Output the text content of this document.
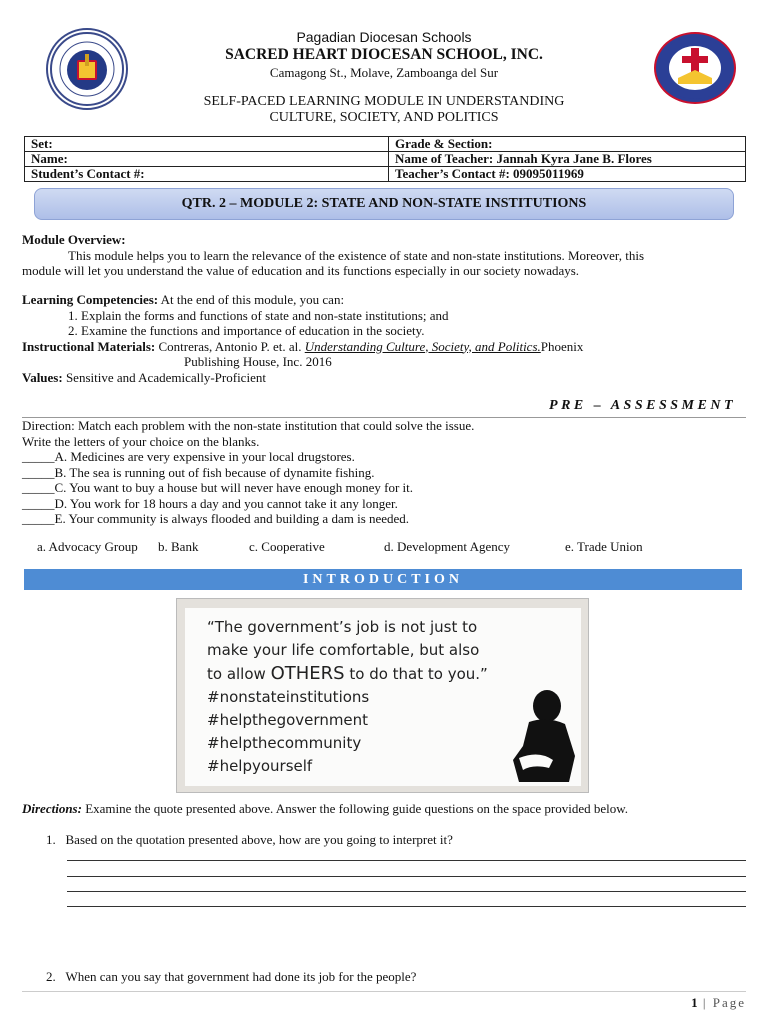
Pagadian Diocesan Schools
SACRED HEART DIOCESAN SCHOOL, INC.
Camagong St., Molave, Zamboanga del Sur
SELF-PACED LEARNING MODULE IN UNDERSTANDING
CULTURE, SOCIETY, AND POLITICS
Set:	Grade & Section:
Name:	Name of Teacher: Jannah Kyra Jane B. Flores
Student’s Contact #:	Teacher’s Contact #: 09095011969
QTR. 2 – MODULE 2: STATE AND NON-STATE INSTITUTIONS
Module Overview:
This module helps you to learn the relevance of the existence of state and non-state institutions. Moreover, this
module will let you understand the value of education and its functions especially in our society nowadays.
Learning Competencies: At the end of this module, you can:
1. Explain the forms and functions of state and non-state institutions; and
2. Examine the functions and importance of education in the society.
Instructional Materials: Contreras, Antonio P. et. al. Understanding Culture, Society, and Politics.Phoenix
Publishing House, Inc. 2016
Values: Sensitive and Academically-Proficient
PRE – ASSESSMENT
Direction: Match each problem with the non-state institution that could solve the issue.
Write the letters of your choice on the blanks.
_____A. Medicines are very expensive in your local drugstores.
_____B. The sea is running out of fish because of dynamite fishing.
_____C. You want to buy a house but will never have enough money for it.
_____D. You work for 18 hours a day and you cannot take it any longer.
_____E. Your community is always flooded and building a dam is needed.
a. Advocacy Group b. Bank	c. Cooperative	d. Development Agency	e. Trade Union
INTRODUCTION
“The government’s job is not just to
make your life comfortable, but also
to allow OTHERS to do that to you.”
#nonstateinstitutions
#helpthegovernment
#helpthecommunity
#helpyourself
Directions: Examine the quote presented above. Answer the following guide questions on the space provided below.
1. Based on the quotation presented above, how are you going to interpret it?
2. When can you say that government had done its job for the people?
1 | Page
